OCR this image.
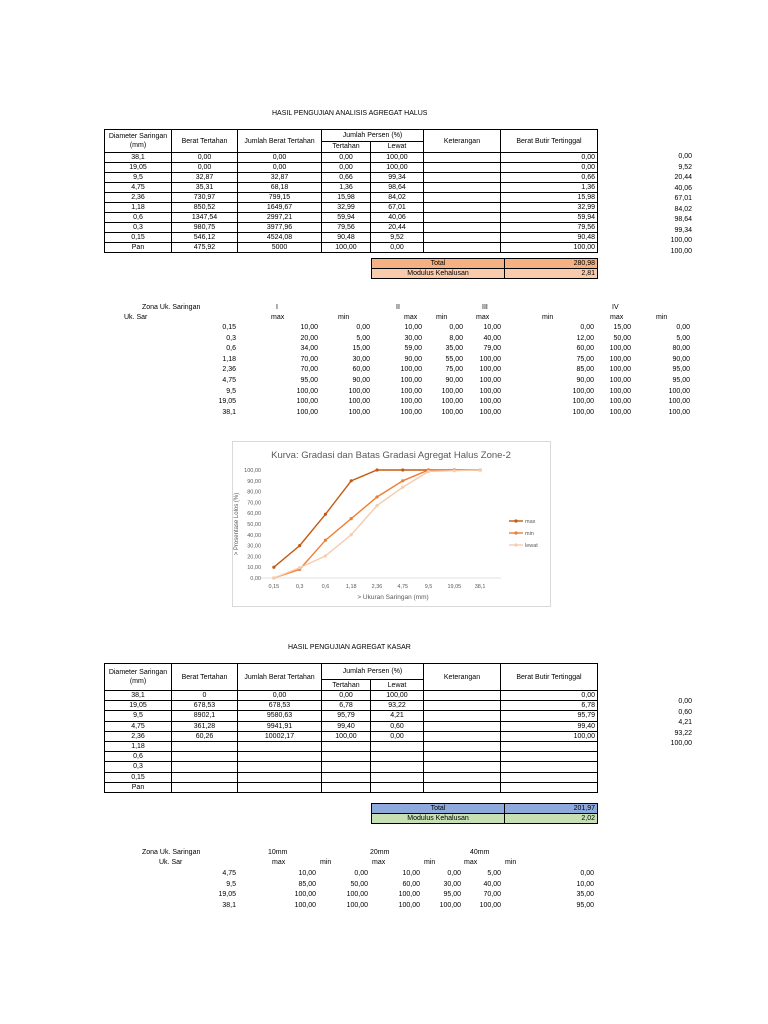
HASIL PENGUJIAN ANALISIS AGREGAT HALUS
Diameter Saringan (mm)	Berat Tertahan	Jumlah Berat Tertahan	Jumlah Persen (%)		Keterangan	Berat Butir Tertinggal
			Tertahan	Lewat		
38,1	0,00	0,00	0,00	100,00		0,00
19,05	0,00	0,00	0,00	100,00		0,00
9,5	32,87	32,87	0,66	99,34		0,66
4,75	35,31	68,18	1,36	98,64		1,36
2,36	730,97	799,15	15,98	84,02		15,98
1,18	850,52	1649,67	32,99	67,01		32,99
0,6	1347,54	2997,21	59,94	40,06		59,94
0,3	980,75	3977,96	79,56	20,44		79,56
0,15	546,12	4524,08	90,48	9,52		90,48
Pan	475,92	5000	100,00	0,00		100,00
0,00
9,52
20,44
40,06
67,01
84,02
98,64
99,34
100,00
100,00
Total	280,98
Modulus Kehalusan	2,81
Zona Uk. Saringan
Uk. Sar
I	II	III	IV
max	min	max	min	max	min	max	min
0,15	10,00	0,00	10,00	0,00	10,00	0,00	15,00	0,00
0,3	20,00	5,00	30,00	8,00	40,00	12,00	50,00	5,00
0,6	34,00	15,00	59,00	35,00	79,00	60,00	100,00	80,00
1,18	70,00	30,00	90,00	55,00	100,00	75,00	100,00	90,00
2,36	70,00	60,00	100,00	75,00	100,00	85,00	100,00	95,00
4,75	95,00	90,00	100,00	90,00	100,00	90,00	100,00	95,00
9,5	100,00	100,00	100,00	100,00	100,00	100,00	100,00	100,00
19,05	100,00	100,00	100,00	100,00	100,00	100,00	100,00	100,00
38,1	100,00	100,00	100,00	100,00	100,00	100,00	100,00	100,00
Kurva: Gradasi dan Batas Gradasi Agregat Halus Zone-2
> Ukuran Saringan (mm)
> Prosentase Lolos (%)
0,00
10,00
20,00
30,00
40,00
50,00
60,00
70,00
80,00
90,00
100,00
0,15	0,3	0,6	1,18	2,36	4,75	9,5	19,05 38,1
max
min
lewat
HASIL PENGUJIAN AGREGAT KASAR
Diameter Saringan (mm)	Berat Tertahan	Jumlah Berat Tertahan	Jumlah Persen (%)		Keterangan	Berat Butir Tertinggal
			Tertahan	Lewat		
38,1	0	0,00	0,00	100,00		0,00
19,05	678,53	678,53	6,78	93,22		6,78
9,5	8902,1	9580,63	95,79	4,21		95,79
4,75	361,28	9941,91	99,40	0,60		99,40
2,36	60,26	10002,17	100,00	0,00		100,00
1,18						
0,6						
0,3						
0,15						
Pan						
0,00
0,60
4,21
93,22
100,00
Total	201,97
Modulus Kehalusan	2,02
Zona Uk. Saringan
Uk. Sar
10mm	20mm	40mm
max	min	max	min	max	min
4,75	10,00	0,00	10,00	0,00	5,00	0,00
9,5	85,00	50,00	60,00	30,00	40,00	10,00
19,05	100,00	100,00	100,00	95,00	70,00	35,00
38,1	100,00	100,00	100,00	100,00	100,00	95,00
